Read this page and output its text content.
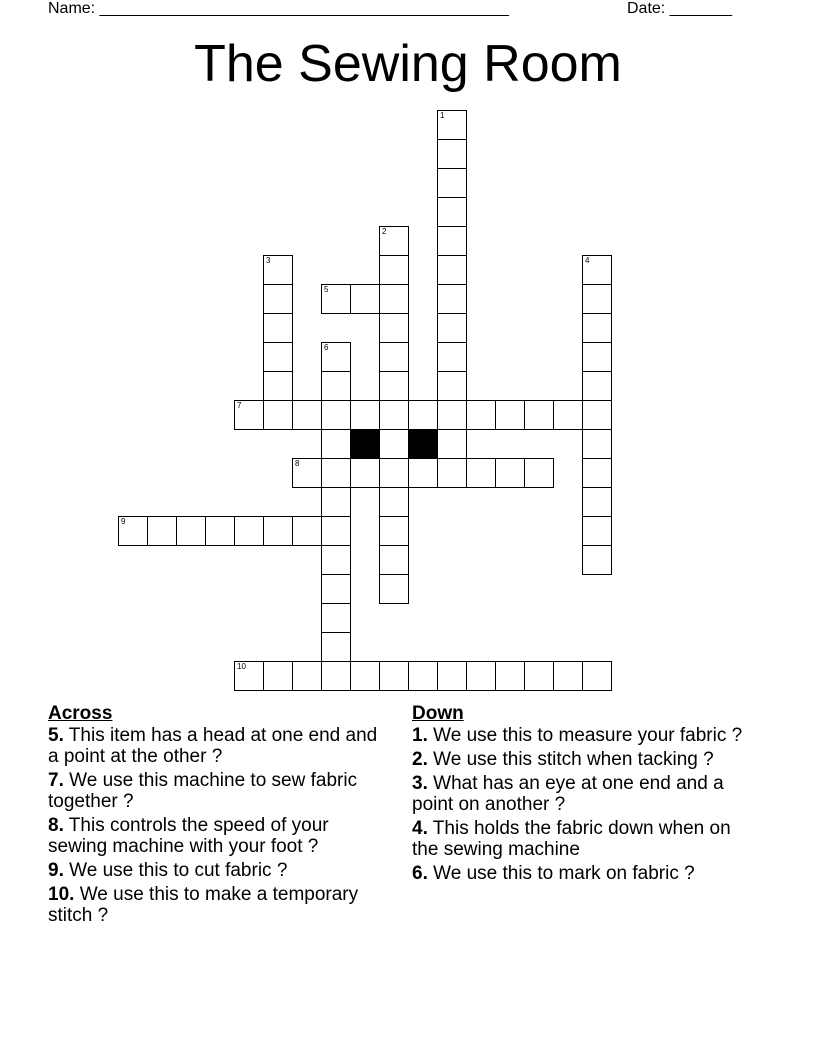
Name: ______________________________________________	Date: _______
The Sewing Room
1
2
3	4
6
5
7
8
9
10
Across
5. This item has a head at one end and a point at the other ?
7. We use this machine to sew fabric together ?
8. This controls the speed of your sewing machine with your foot ?
9. We use this to cut fabric ?
10. We use this to make a temporary stitch ?
Down
1. We use this to measure your fabric ?
2. We use this stitch when tacking ?
3. What has an eye at one end and a point on another ?
4. This holds the fabric down when on the sewing machine
6. We use this to mark on fabric ?
